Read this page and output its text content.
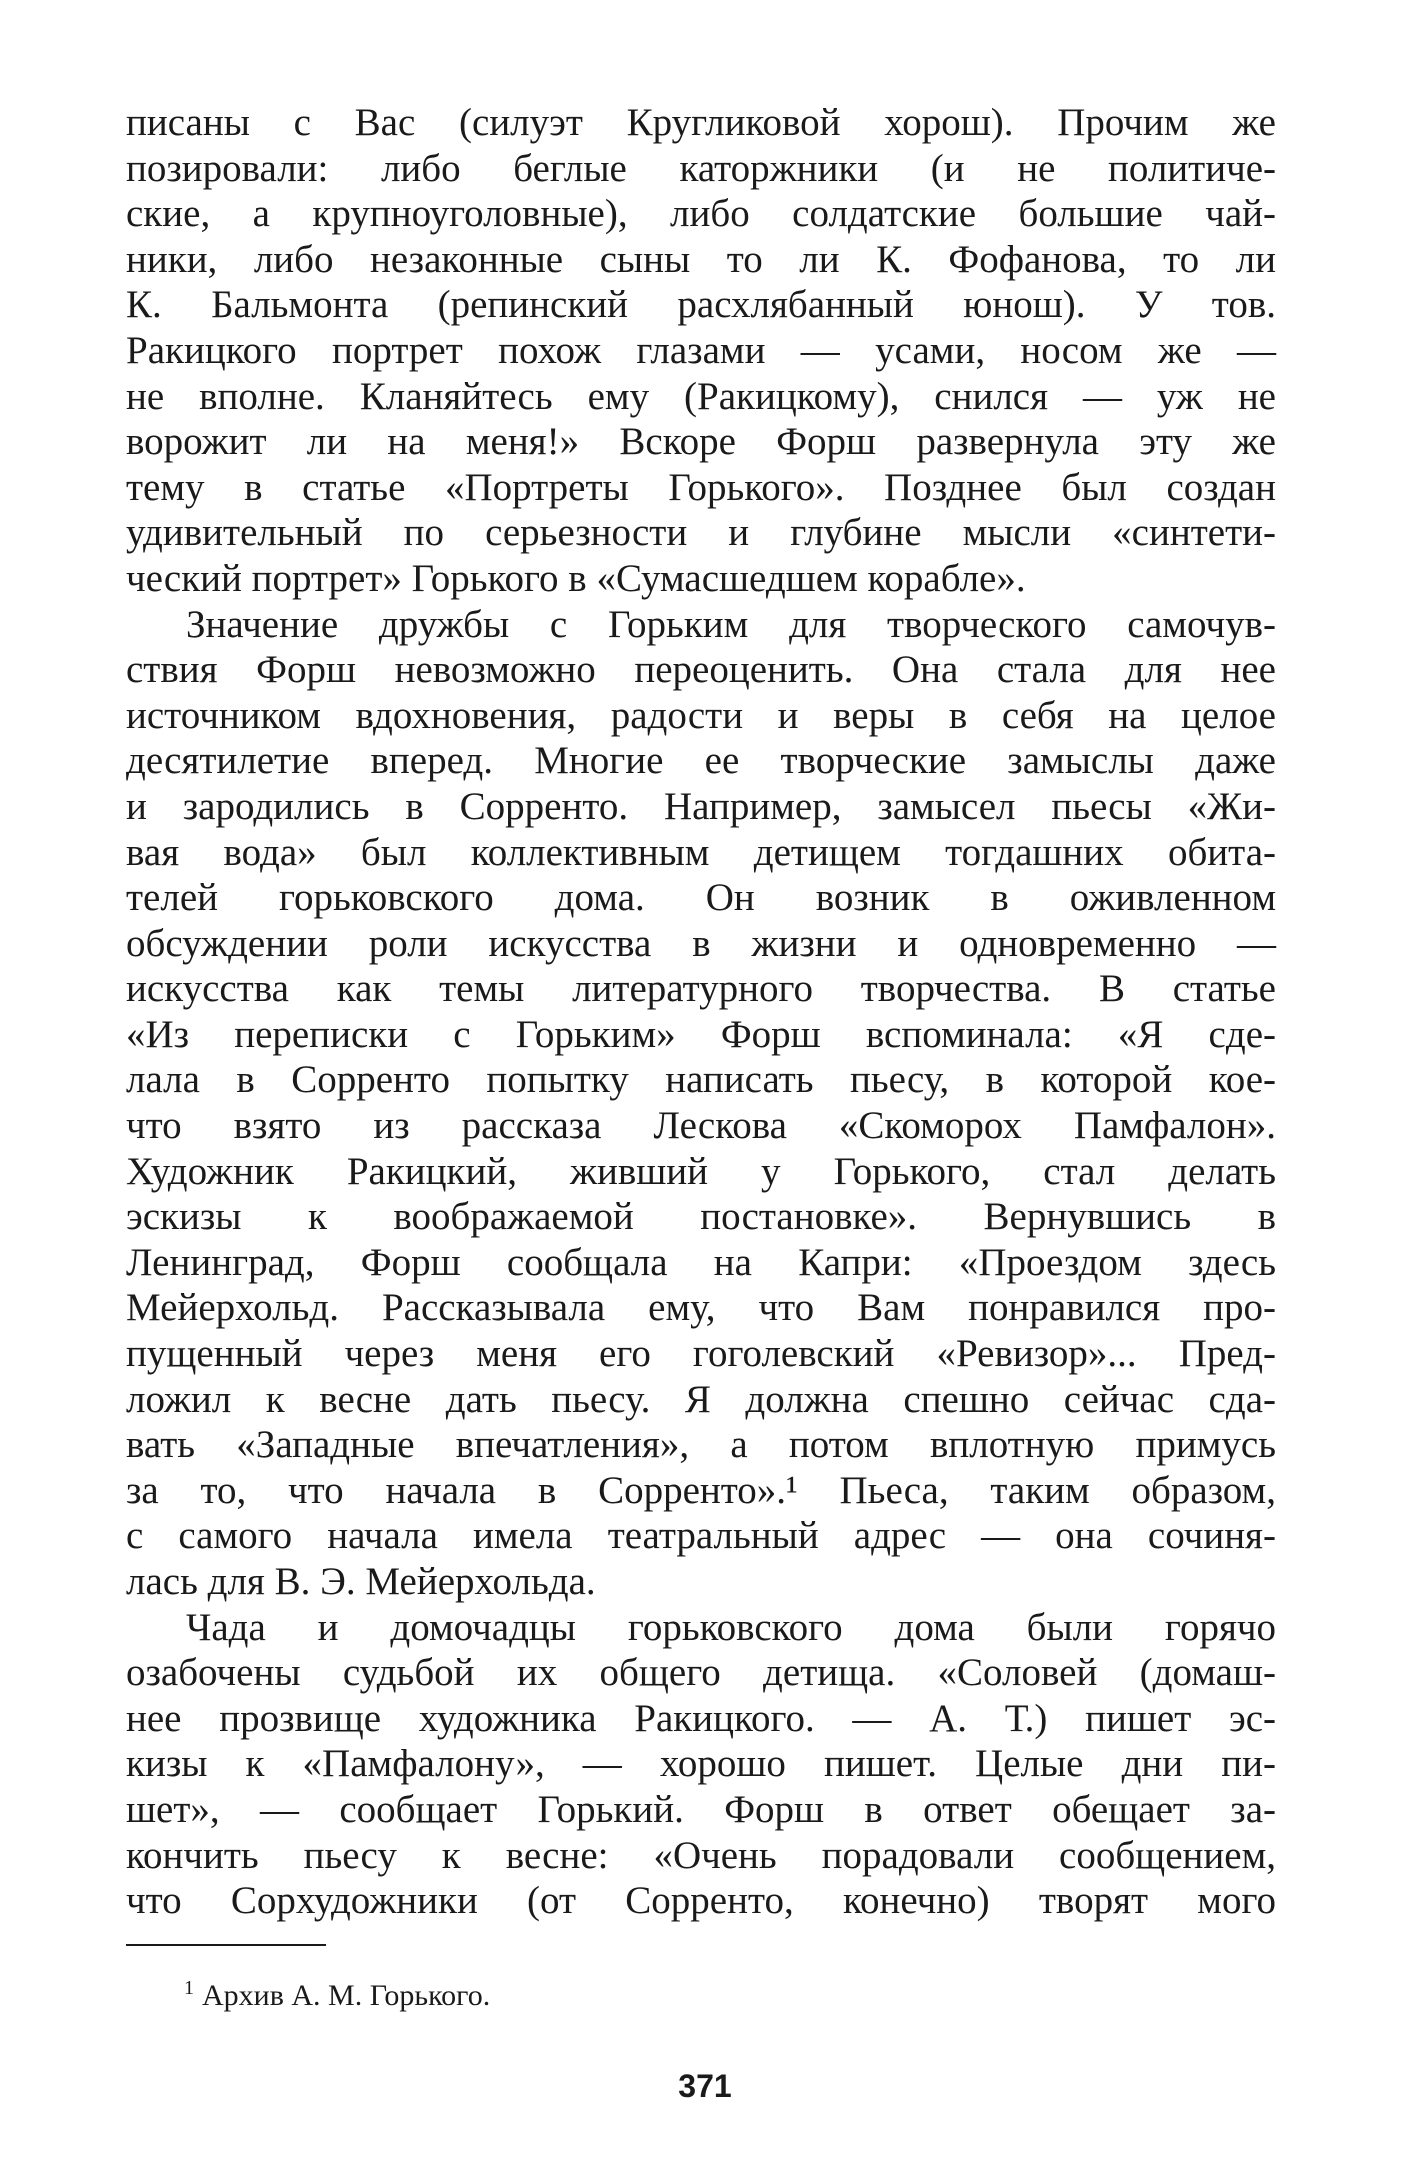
писаны с Вас (силуэт Кругликовой хорош). Прочим же
позировали: либо беглые каторжники (и не политиче-
ские, а крупноуголовные), либо солдатские большие чай-
ники, либо незаконные сыны то ли К. Фофанова, то ли
К. Бальмонта (репинский расхлябанный юнош). У тов.
Ракицкого портрет похож глазами — усами, носом же —
не вполне. Кланяйтесь ему (Ракицкому), снился — уж не
ворожит ли на меня!» Вскоре Форш развернула эту же
тему в статье «Портреты Горького». Позднее был создан
удивительный по серьезности и глубине мысли «синтети-
ческий портрет» Горького в «Сумасшедшем корабле».
Значение дружбы с Горьким для творческого самочув-
ствия Форш невозможно переоценить. Она стала для нее
источником вдохновения, радости и веры в себя на целое
десятилетие вперед. Многие ее творческие замыслы даже
и зародились в Сорренто. Например, замысел пьесы «Жи-
вая вода» был коллективным детищем тогдашних обита-
телей горьковского дома. Он возник в оживленном
обсуждении роли искусства в жизни и одновременно —
искусства как темы литературного творчества. В статье
«Из переписки с Горьким» Форш вспоминала: «Я сде-
лала в Сорренто попытку написать пьесу, в которой кое-
что взято из рассказа Лескова «Скоморох Памфалон».
Художник Ракицкий, живший у Горького, стал делать
эскизы к воображаемой постановке». Вернувшись в
Ленинград, Форш сообщала на Капри: «Проездом здесь
Мейерхольд. Рассказывала ему, что Вам понравился про-
пущенный через меня его гоголевский «Ревизор»... Пред-
ложил к весне дать пьесу. Я должна спешно сейчас сда-
вать «Западные впечатления», а потом вплотную примусь
за то, что начала в Сорренто».¹ Пьеса, таким образом,
с самого начала имела театральный адрес — она сочиня-
лась для В. Э. Мейерхольда.
Чада и домочадцы горьковского дома были горячо
озабочены судьбой их общего детища. «Соловей (домаш-
нее прозвище художника Ракицкого. — А. Т.) пишет эс-
кизы к «Памфалону», — хорошо пишет. Целые дни пи-
шет», — сообщает Горький. Форш в ответ обещает за-
кончить пьесу к весне: «Очень порадовали сообщением,
что Сорхудожники (от Сорренто, конечно) творят мого
$^1$ Архив А. М. Горького.
371
